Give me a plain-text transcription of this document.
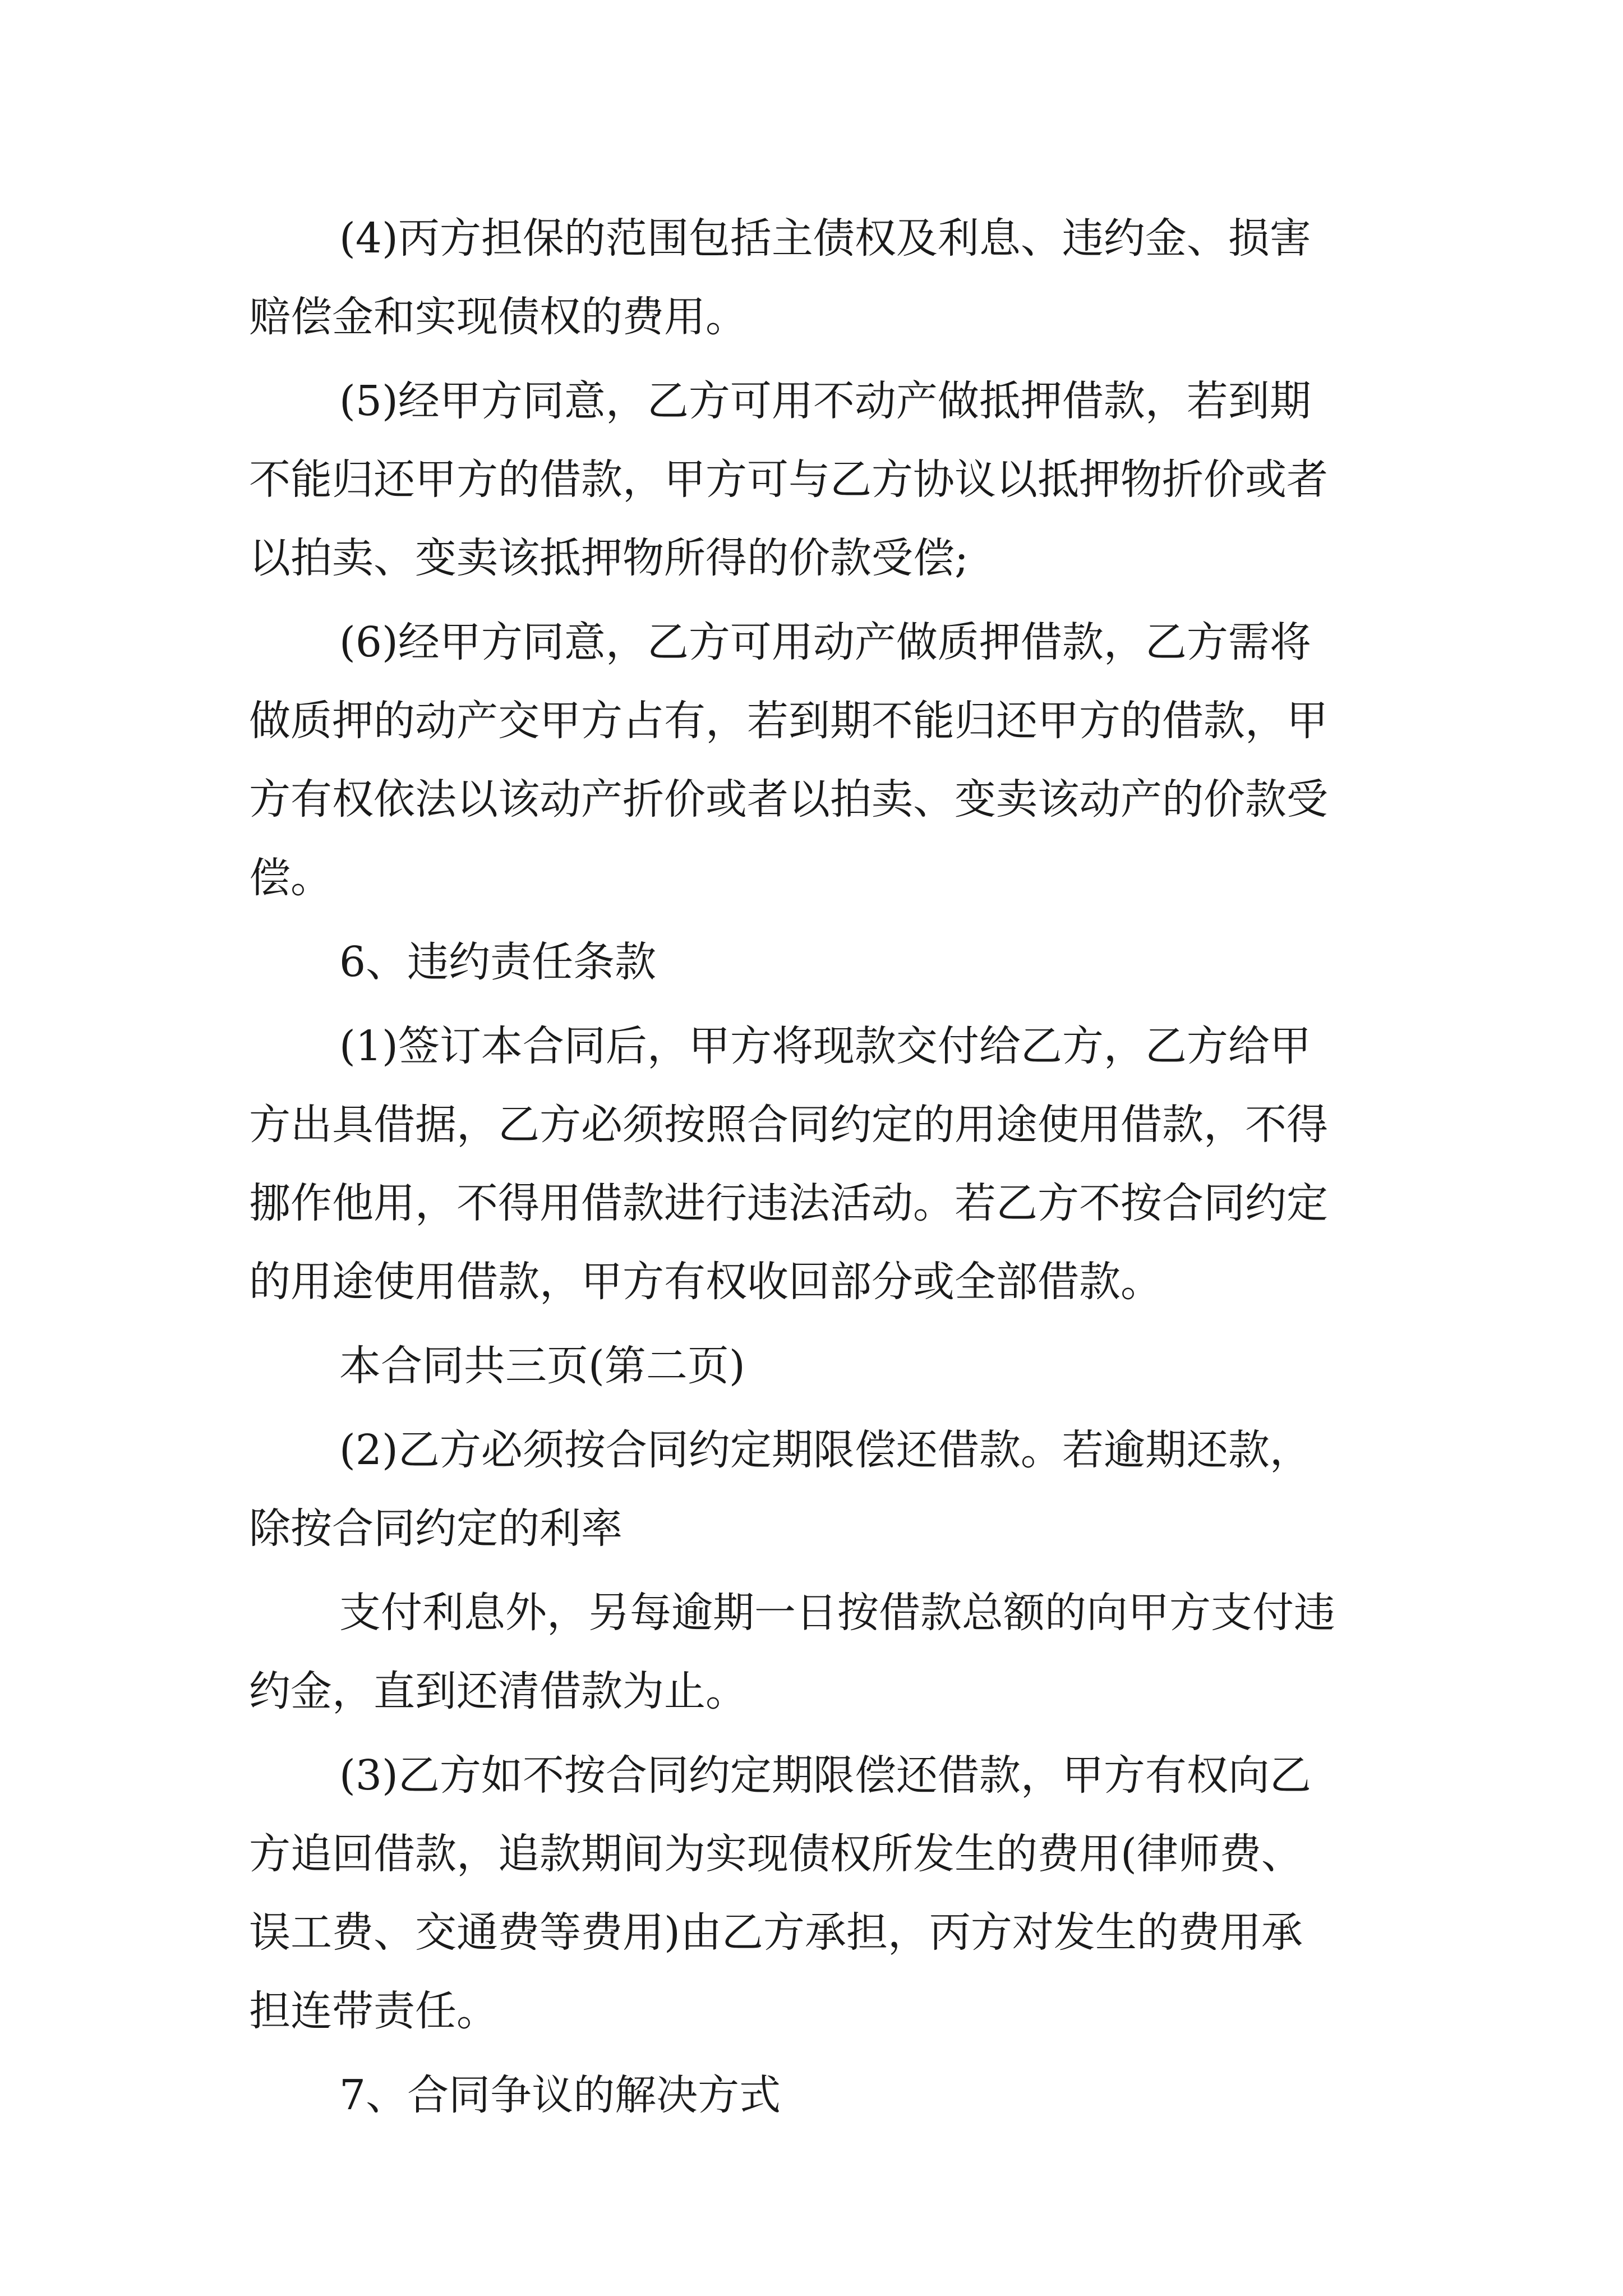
(4)丙方担保的范围包括主债权及利息、违约金、损害
赔偿金和实现债权的费用。
(5)经甲方同意，乙方可用不动产做抵押借款，若到期
不能归还甲方的借款，甲方可与乙方协议以抵押物折价或者
以拍卖、变卖该抵押物所得的价款受偿;
(6)经甲方同意，乙方可用动产做质押借款，乙方需将
做质押的动产交甲方占有，若到期不能归还甲方的借款，甲
方有权依法以该动产折价或者以拍卖、变卖该动产的价款受
偿。
6、违约责任条款
(1)签订本合同后，甲方将现款交付给乙方，乙方给甲
方出具借据，乙方必须按照合同约定的用途使用借款，不得
挪作他用，不得用借款进行违法活动。若乙方不按合同约定
的用途使用借款，甲方有权收回部分或全部借款。
本合同共三页(第二页)
(2)乙方必须按合同约定期限偿还借款。若逾期还款，
除按合同约定的利率
支付利息外，另每逾期一日按借款总额的向甲方支付违
约金，直到还清借款为止。
(3)乙方如不按合同约定期限偿还借款，甲方有权向乙
方追回借款，追款期间为实现债权所发生的费用(律师费、
误工费、交通费等费用)由乙方承担，丙方对发生的费用承
担连带责任。
7、合同争议的解决方式
